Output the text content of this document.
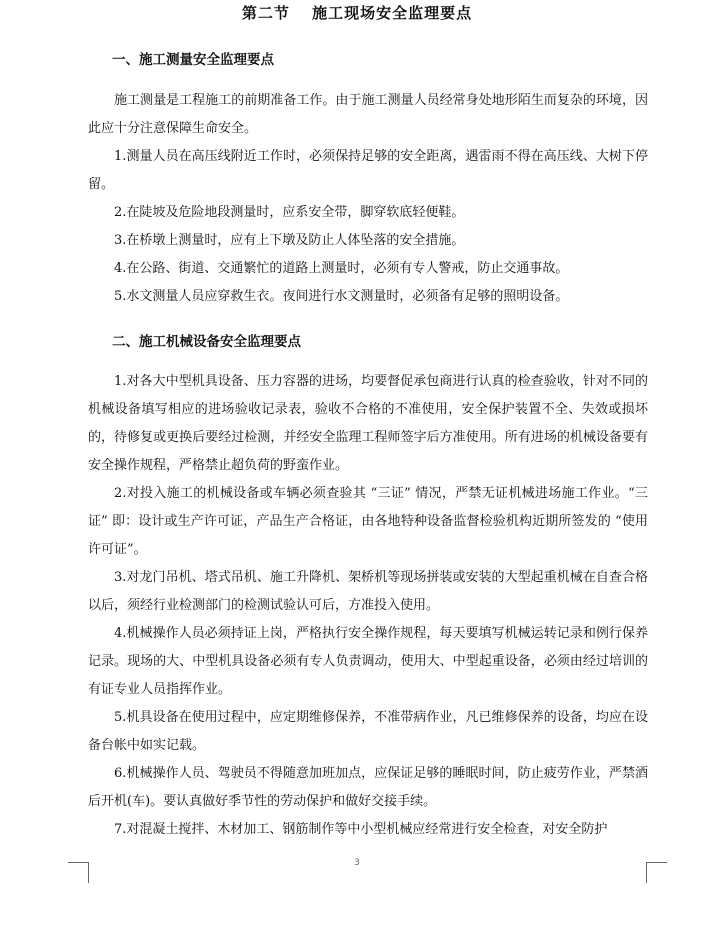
第二节　 施工现场安全监理要点
一、施工测量安全监理要点

施工测量是工程施工的前期准备工作。由于施工测量人员经常身处地形陌生而复杂的环境，因此应十分注意保障生命安全。

1.测量人员在高压线附近工作时，必须保持足够的安全距离，遇雷雨不得在高压线、大树下停留。

2.在陡坡及危险地段测量时，应系安全带，脚穿软底轻便鞋。

3.在桥墩上测量时，应有上下墩及防止人体坠落的安全措施。

4.在公路、街道、交通繁忙的道路上测量时，必须有专人警戒，防止交通事故。

5.水文测量人员应穿救生衣。夜间进行水文测量时，必须备有足够的照明设备。

二、施工机械设备安全监理要点

1.对各大中型机具设备、压力容器的进场，均要督促承包商进行认真的检查验收，针对不同的机械设备填写相应的进场验收记录表，验收不合格的不准使用，安全保护装置不全、失效或损坏的，待修复或更换后要经过检测，并经安全监理工程师签字后方准使用。所有进场的机械设备要有安全操作规程，严格禁止超负荷的野蛮作业。

2.对投入施工的机械设备或车辆必须查验其 “三证” 情况，严禁无证机械进场施工作业。“三证” 即：设计或生产许可证，产品生产合格证，由各地特种设备监督检验机构近期所签发的 “使用许可证”。

3.对龙门吊机、塔式吊机、施工升降机、架桥机等现场拼装或安装的大型起重机械在自查合格以后，须经行业检测部门的检测试验认可后，方准投入使用。

4.机械操作人员必须持证上岗，严格执行安全操作规程，每天要填写机械运转记录和例行保养记录。现场的大、中型机具设备必须有专人负责调动，使用大、中型起重设备，必须由经过培训的有证专业人员指挥作业。

5.机具设备在使用过程中，应定期维修保养，不准带病作业，凡已维修保养的设备，均应在设备台帐中如实记载。

6.机械操作人员、驾驶员不得随意加班加点，应保证足够的睡眠时间，防止疲劳作业，严禁酒后开机(车)。要认真做好季节性的劳动保护和做好交接手续。

7.对混凝土搅拌、木材加工、钢筋制作等中小型机械应经常进行安全检查，对安全防护

3
